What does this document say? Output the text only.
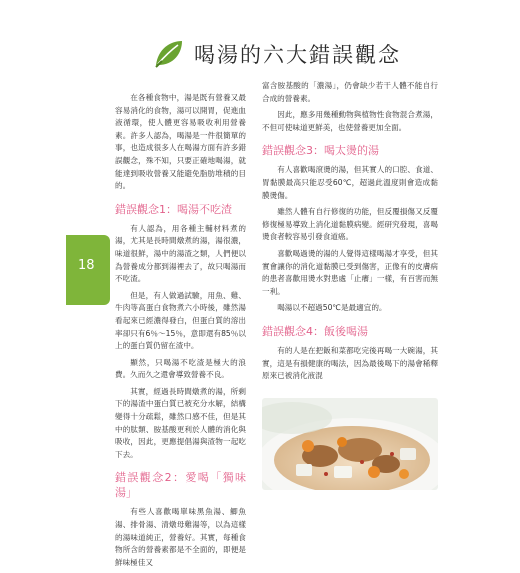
喝湯的六大錯誤觀念
18

在各種食物中，湯是既有營養又最容易消化的食物，湯可以開胃，促進血液循環，使人體更容易吸收利用營養素。許多人認為，喝湯是一件很簡單的事，也造成很多人在喝湯方面有許多錯誤觀念，殊不知，只要正確地喝湯，就能達到吸收營養又能避免脂肪堆積的目的。

錯誤觀念1：喝湯不吃渣

有人認為，用各種主輔材料煮的湯，尤其是長時間燉煮的湯，湯很濃，味道很鮮，湯中的湯渣之類，人們便以為營養成分都到湯裡去了，故只喝湯而不吃渣。

但是，有人做過試驗，用魚、雞、牛肉等高蛋白食物煮六小時後，雖然湯看起來已經濃得發白，但蛋白質的溶出率卻只有6％～15％，意即還有85％以上的蛋白質仍留在渣中。

顯然，只喝湯不吃渣是極大的浪費。久而久之還會導致營養不良。

其實，經過長時間燉煮的湯，所剩下的湯渣中蛋白質已被充分水解，結構變得十分疏鬆，雖然口感不佳，但是其中的肽類、胺基酸更利於人體的消化與吸收，因此，更應提倡湯與渣物一起吃下去。

錯誤觀念2：愛喝「獨味湯」

有些人喜歡喝單味黑魚湯、鯽魚湯、排骨湯、清燉母雞湯等，以為這樣的湯味道純正，營養好。其實，每種食物所含的營養素都是不全面的，即便是鮮味極佳又

富含胺基酸的「濃湯」，仍會缺少若干人體不能自行合成的營養素。

因此，應多用幾種動物與植物性食物混合煮湯，不但可使味道更鮮美，也使營養更加全面。

錯誤觀念3：喝太燙的湯

有人喜歡喝滾燙的湯，但其實人的口腔、食道、胃黏膜最高只能忍受60℃，超過此溫度則會造成黏膜燙傷。

雖然人體有自行修復的功能，但反覆損傷又反覆修復極易導致上消化道黏膜病變。經研究發現，喜喝燙食者較容易引發食道癌。

喜歡喝過燙的湯的人覺得這樣喝湯才享受，但其實會讓你的消化道黏膜已受到傷害，正像有的皮膚病的患者喜歡用燙水對患處「止癢」一樣，有百害而無一利。

喝湯以不超過50℃是最適宜的。

錯誤觀念4：飯後喝湯

有的人是在把飯和菜都吃完後再喝一大碗湯，其實，這是有損健康的喝法，因為最後喝下的湯會稀釋原來已被消化液混
